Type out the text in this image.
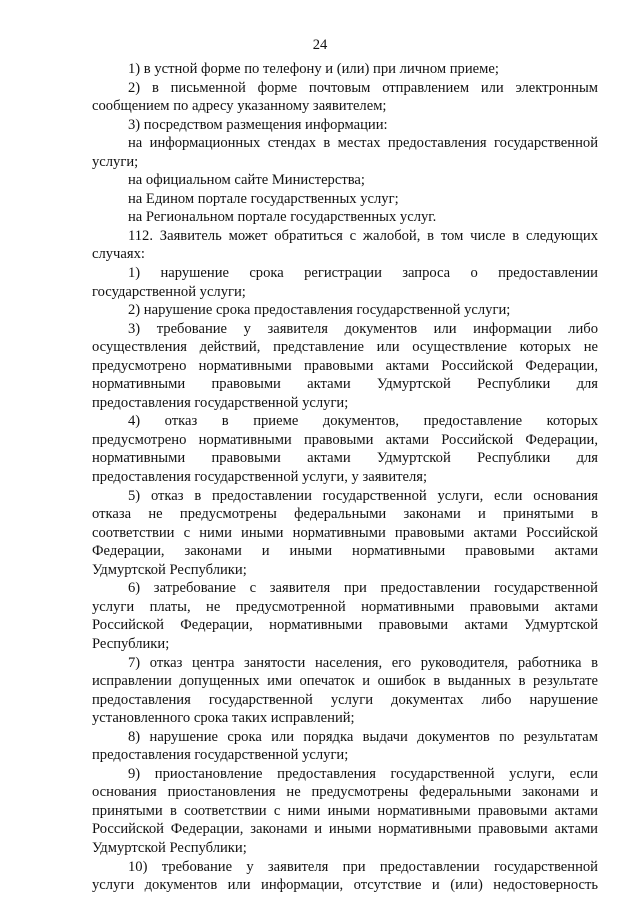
24
1) в устной форме по телефону и (или) при личном приеме;
2) в письменной форме почтовым отправлением или электронным
сообщением по адресу указанному заявителем;
3) посредством размещения информации:
на информационных стендах в местах предоставления государственной
услуги;
на официальном сайте Министерства;
на Едином портале государственных услуг;
на Региональном портале государственных услуг.
112. Заявитель может обратиться с жалобой, в том числе в следующих
случаях:
1) нарушение срока регистрации запроса о предоставлении
государственной услуги;
2) нарушение срока предоставления государственной услуги;
3) требование у заявителя документов или информации либо
осуществления действий, представление или осуществление которых не
предусмотрено нормативными правовыми актами Российской Федерации,
нормативными правовыми актами Удмуртской Республики для
предоставления государственной услуги;
4) отказ в приеме документов, предоставление которых
предусмотрено нормативными правовыми актами Российской Федерации,
нормативными правовыми актами Удмуртской Республики для
предоставления государственной услуги, у заявителя;
5) отказ в предоставлении государственной услуги, если основания
отказа не предусмотрены федеральными законами и принятыми в
соответствии с ними иными нормативными правовыми актами Российской
Федерации, законами и иными нормативными правовыми актами
Удмуртской Республики;
6) затребование с заявителя при предоставлении государственной
услуги платы, не предусмотренной нормативными правовыми актами
Российской Федерации, нормативными правовыми актами Удмуртской
Республики;
7) отказ центра занятости населения, его руководителя, работника в
исправлении допущенных ими опечаток и ошибок в выданных в результате
предоставления государственной услуги документах либо нарушение
установленного срока таких исправлений;
8) нарушение срока или порядка выдачи документов по результатам
предоставления государственной услуги;
9) приостановление предоставления государственной услуги, если
основания приостановления не предусмотрены федеральными законами и
принятыми в соответствии с ними иными нормативными правовыми актами
Российской Федерации, законами и иными нормативными правовыми актами
Удмуртской Республики;
10) требование у заявителя при предоставлении государственной
услуги документов или информации, отсутствие и (или) недостоверность
